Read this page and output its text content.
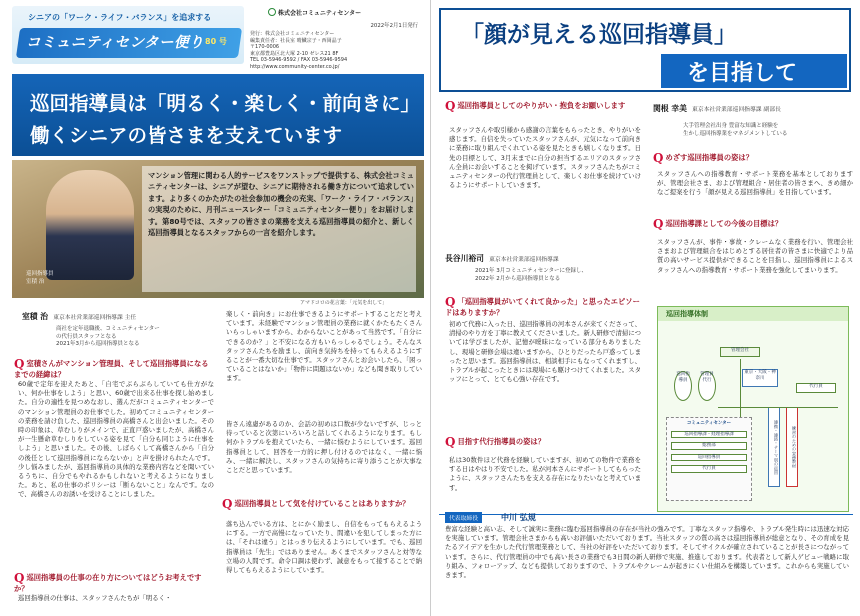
シニアの「ワーク・ライフ・バランス」を追求する
コミュニティセンター便り 80 号
株式会社コミュニティセンター
2022年2月1日発行
発行：株式会社コミュニティセンター
編集責任者：社長室 晴臓宗子・西岡晶子
〒170-0006
東京都豊島区北大塚 2-10 ゼレス21 8F
TEL 03-5946-9592 / FAX 03-5946-9594
http://www.community-center.co.jp/
巡回指導員は「明るく・楽しく・前向きに」
働くシニアの皆さまを支えています
巡回指導員
室積 治
マンション管理に関わる人的サービスをワンストップで提供する、株式会社コミュニティセンターは、シニアが望む、シニアに期待される働き方について追求しています。より多くのかたがたの社会参加の機会の充実、「ワーク・ライフ・バランス」の実現のために、月刊ニュースレター「コミュニティセンター便り」をお届けします。第80号では、スタッフの皆さまの業務を支える巡回指導員の紹介と、新しく巡回指導員となるスタッフからの一言を紹介します。
アマドコロの花言葉：「元気を出して」
室積 治 東京本社営業部巡回指導課 主任
商社を定年退職後、コミュニティセンター
の代行員スタッフとなる
2021年3月から巡回指導員となる
Q室積さんがマンション管理員、そして巡回指導員になるまでの経緯は？
60歳で定年を迎えたあと、「自宅でぶらぶらしていても仕方がない、何か仕事をしよう」と思い、60歳で出来る仕事を探し始めました。自分の適性を見つめなおし、選んだがコミュニティセンターでのマンション管理員のお仕事でした。初めてコミュニティセンターの業務を請け負した、巡回指導員の高橋さんと出会いました。その時の印象は、草むしりがメインで、正直戸惑いましたが、高橋さんが一生懸命草むしりをしている姿を見て「自分も同じように仕事をしよう」と思いました。その後、しばらくして高橋さんから「自分の後任として巡回指導員にならないか」と声を掛けられたんです。少し悩みましたが、巡回指導員の具体的な業務内容などを聞いているうちに、自分でもやれるかもしれないと考えるようになりました。あと、私の仕事のポリシーは「断らないこと」なんです。なので、高橋さんのお誘いを受けることにしました。
Q巡回指導員の仕事の在り方についてはどうお考えですか？
巡回指導員の仕事は、スタッフさんたちが「明るく・
楽しく・前向き」にお仕事できるようにサポートすることだと考えています。未経験でマンション管理員の業務に就くかたもたくさんいらっしゃいますから、わからないことがあって当然です。「自分にできるのか？」と不安になる方もいらっしゃるでしょう。そんなスタッフさんたちを励まし、前向き気持ちを持ってもらえるようにすることが一番大切な仕事です。スタッフさんとお会いしたら、「困っていることはないか」「物件に問題はないか」なども聞き取りしています。
皆さん遠慮があるのか、会話の初めは口数が少ないですが、じっと待っていると次第にいろいろと話してくれるようになります。もし何かトラブルを抱えていたら、一緒に悩むようにしています。巡回指導員として、回答を一方的に押し付けるのではなく、一緒に悩み、一緒に解決し、スタッフさんの気持ちに寄り添うことが大事なことだと思っています。
Q巡回指導員として気を付けていることはありますか？
落ち込んでいる方は、とにかく励まし、自信をもってもらえるようにする。一方で高慢になっていたり、間違いを犯してしまった方には、「それは違う」とはっきり伝えるようにしています。でも、巡回指導員は「先生」ではありません。あくまでスタッフさんと対等な立場の人間です。命令口調は使わず、誠意をもって接することで納得してもらえるようにしています。
「顔が見える巡回指導員」
を目指して
Q巡回指導員としてのやりがい・抱負をお願いします
スタッフさんや取引様から感謝の言葉をもらったとき、やりがいを感じます。自信を失っていたスタッフさんが、元気になって前向きに業務に取り組んでくれている姿を見たときも嬉しくなります。日先の目標として、3月末までに自分の担当するエリアのスタッフさん全員にお会いすることを掲げています。スタッフさんたちがコミュニティセンターの代行管理員として、楽しくお仕事を続けていけるようにサポートしていきます。
長谷川裕司 東京本社営業部巡回指導課
2021年 3月コミュニティセンターに登録し、
2022年 2月から巡回指導員となる
Q 「巡回指導員がいてくれて良かった」と思ったエピソードはありますか？
初めて代務に入った日、巡回指導員の河本さんが来てくださって、清掃のやり方を丁寧に教えてくださいました。新人研修で清掃については学びましたが、記憶が曖昧になっている部分もありましたし、現場と研修会場は違いますから、ひとりだったら戸惑ってしまったと思います。巡回指導員は、相談相手にもなってくれますし、トラブルが起こったときには現場にも駆けつけてくれました。スタッフにとって、とても心強い存在です。
Q目指す代行指導員の姿は？
私は30数件ほど代務を経験していますが、初めての物件で業務をする日はやはり不安でした。私が河本さんにサポートしてもらったように、スタッフさんたちを支える存在になりたいなと考えています。
関根 幸美 東京本社営業部巡回指導課 副部長
大手管理会社出身 豊富な知識と経験を
生かし巡回指導業をマネジメントしている
Qめざす巡回指導員の姿は？
スタッフさんへの指導教育・サポート業務を基本としておりますが、管理会社さま、および管理組合・居住者の皆さまへ、きめ細かなご提案を行う「顔が見える巡回指導員」を目指しています。
Q巡回指導課としての今後の目標は？
スタッフさんが、事件・事故・クレームなく業務を行い、管理会社さまおよび管理組合をはじめとする居住者の皆さまに快適でより品質の高いサービス提供ができることを目指し、巡回指導員によるスタッフさんへの指導教育・サポート業務を強化してまいります。
巡回指導体制
管理会社
巡回指導員
管理員代行
東京・大阪・神奈川
コミュニティセンター
巡回指導課・経理指導課
総務部
巡回指導員
代行員
代行員
連携・連絡・テーマ別の巡回	練習のための実務教材
代表取締役	中川 弘規
豊富な経験と高い志、そして誠実に業務に臨む巡回指導員の存在が当社の強みです。丁寧なスタッフ指導や、トラブル発生時には迅速な対応を実施しています。管理会社さまからも高いお評価いただいております。当社スタッフの質の高さは巡回指導員が総意となり、その育成を見たるアイデアを生かした代行管理業務として、当社の好評をいただいております。そしてサイクルが確立されていることが長さにつながっています。さらに、代行管理員の中でも高い長さの業務でも3日間の新人研修で実施、推進しております。代表者として新人ゲビュー戦略に取り組み、フォローアップ、なども提供しておりますので、トラブルやクレームが起きにくい仕組みを構築しています。これからも実施していきます。
